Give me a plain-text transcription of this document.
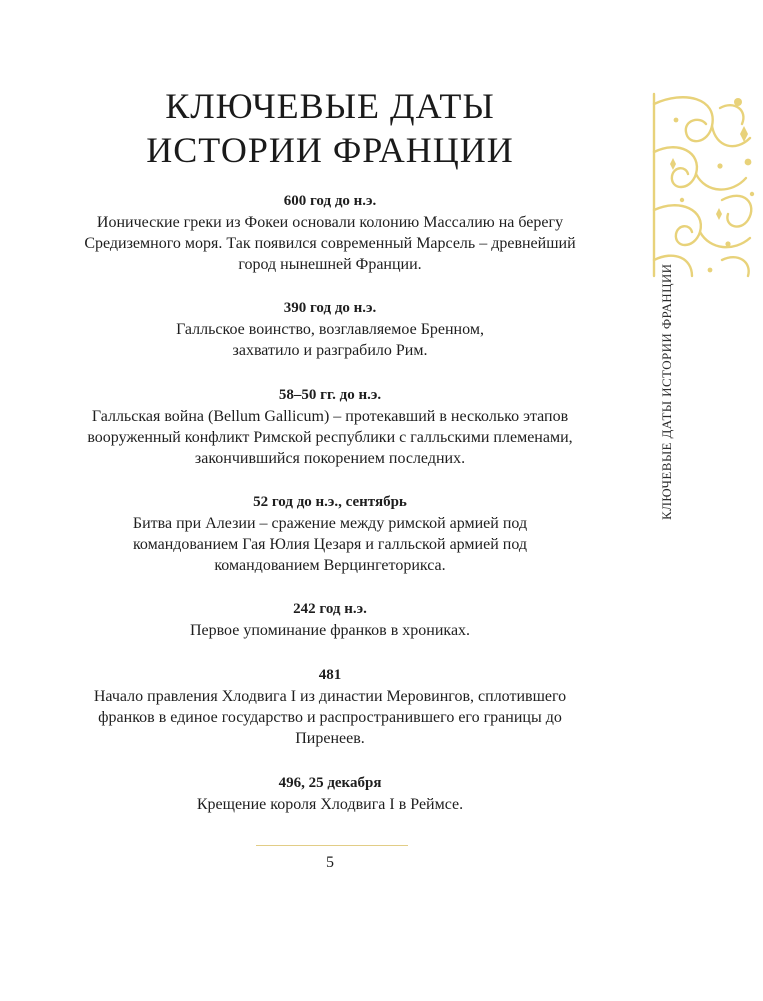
КЛЮЧЕВЫЕ ДАТЫ
ИСТОРИИ ФРАНЦИИ
КЛЮЧЕВЫЕ ДАТЫ ИСТОРИИ ФРАНЦИИ
600 год до н.э.
Ионические греки из Фокеи основали колонию Массалию на берегу
Средиземного моря. Так появился современный Марсель – древнейший
город нынешней Франции.
390 год до н.э.
Галльское воинство, возглавляемое Бренном,
захватило и разграбило Рим.
58–50 гг. до н.э.
Галльская война (Bellum Gallicum) – протекавший в несколько этапов
вооруженный конфликт Римской республики с галльскими племенами,
закончившийся покорением последних.
52 год до н.э., сентябрь
Битва при Алезии – сражение между римской армией под
командованием Гая Юлия Цезаря и галльской армией под
командованием Верцингеторикса.
242 год н.э.
Первое упоминание франков в хрониках.
481
Начало правления Хлодвига I из династии Меровингов, сплотившего
франков в единое государство и распространившего его границы до
Пиренеев.
496, 25 декабря
Крещение короля Хлодвига I в Реймсе.
5
